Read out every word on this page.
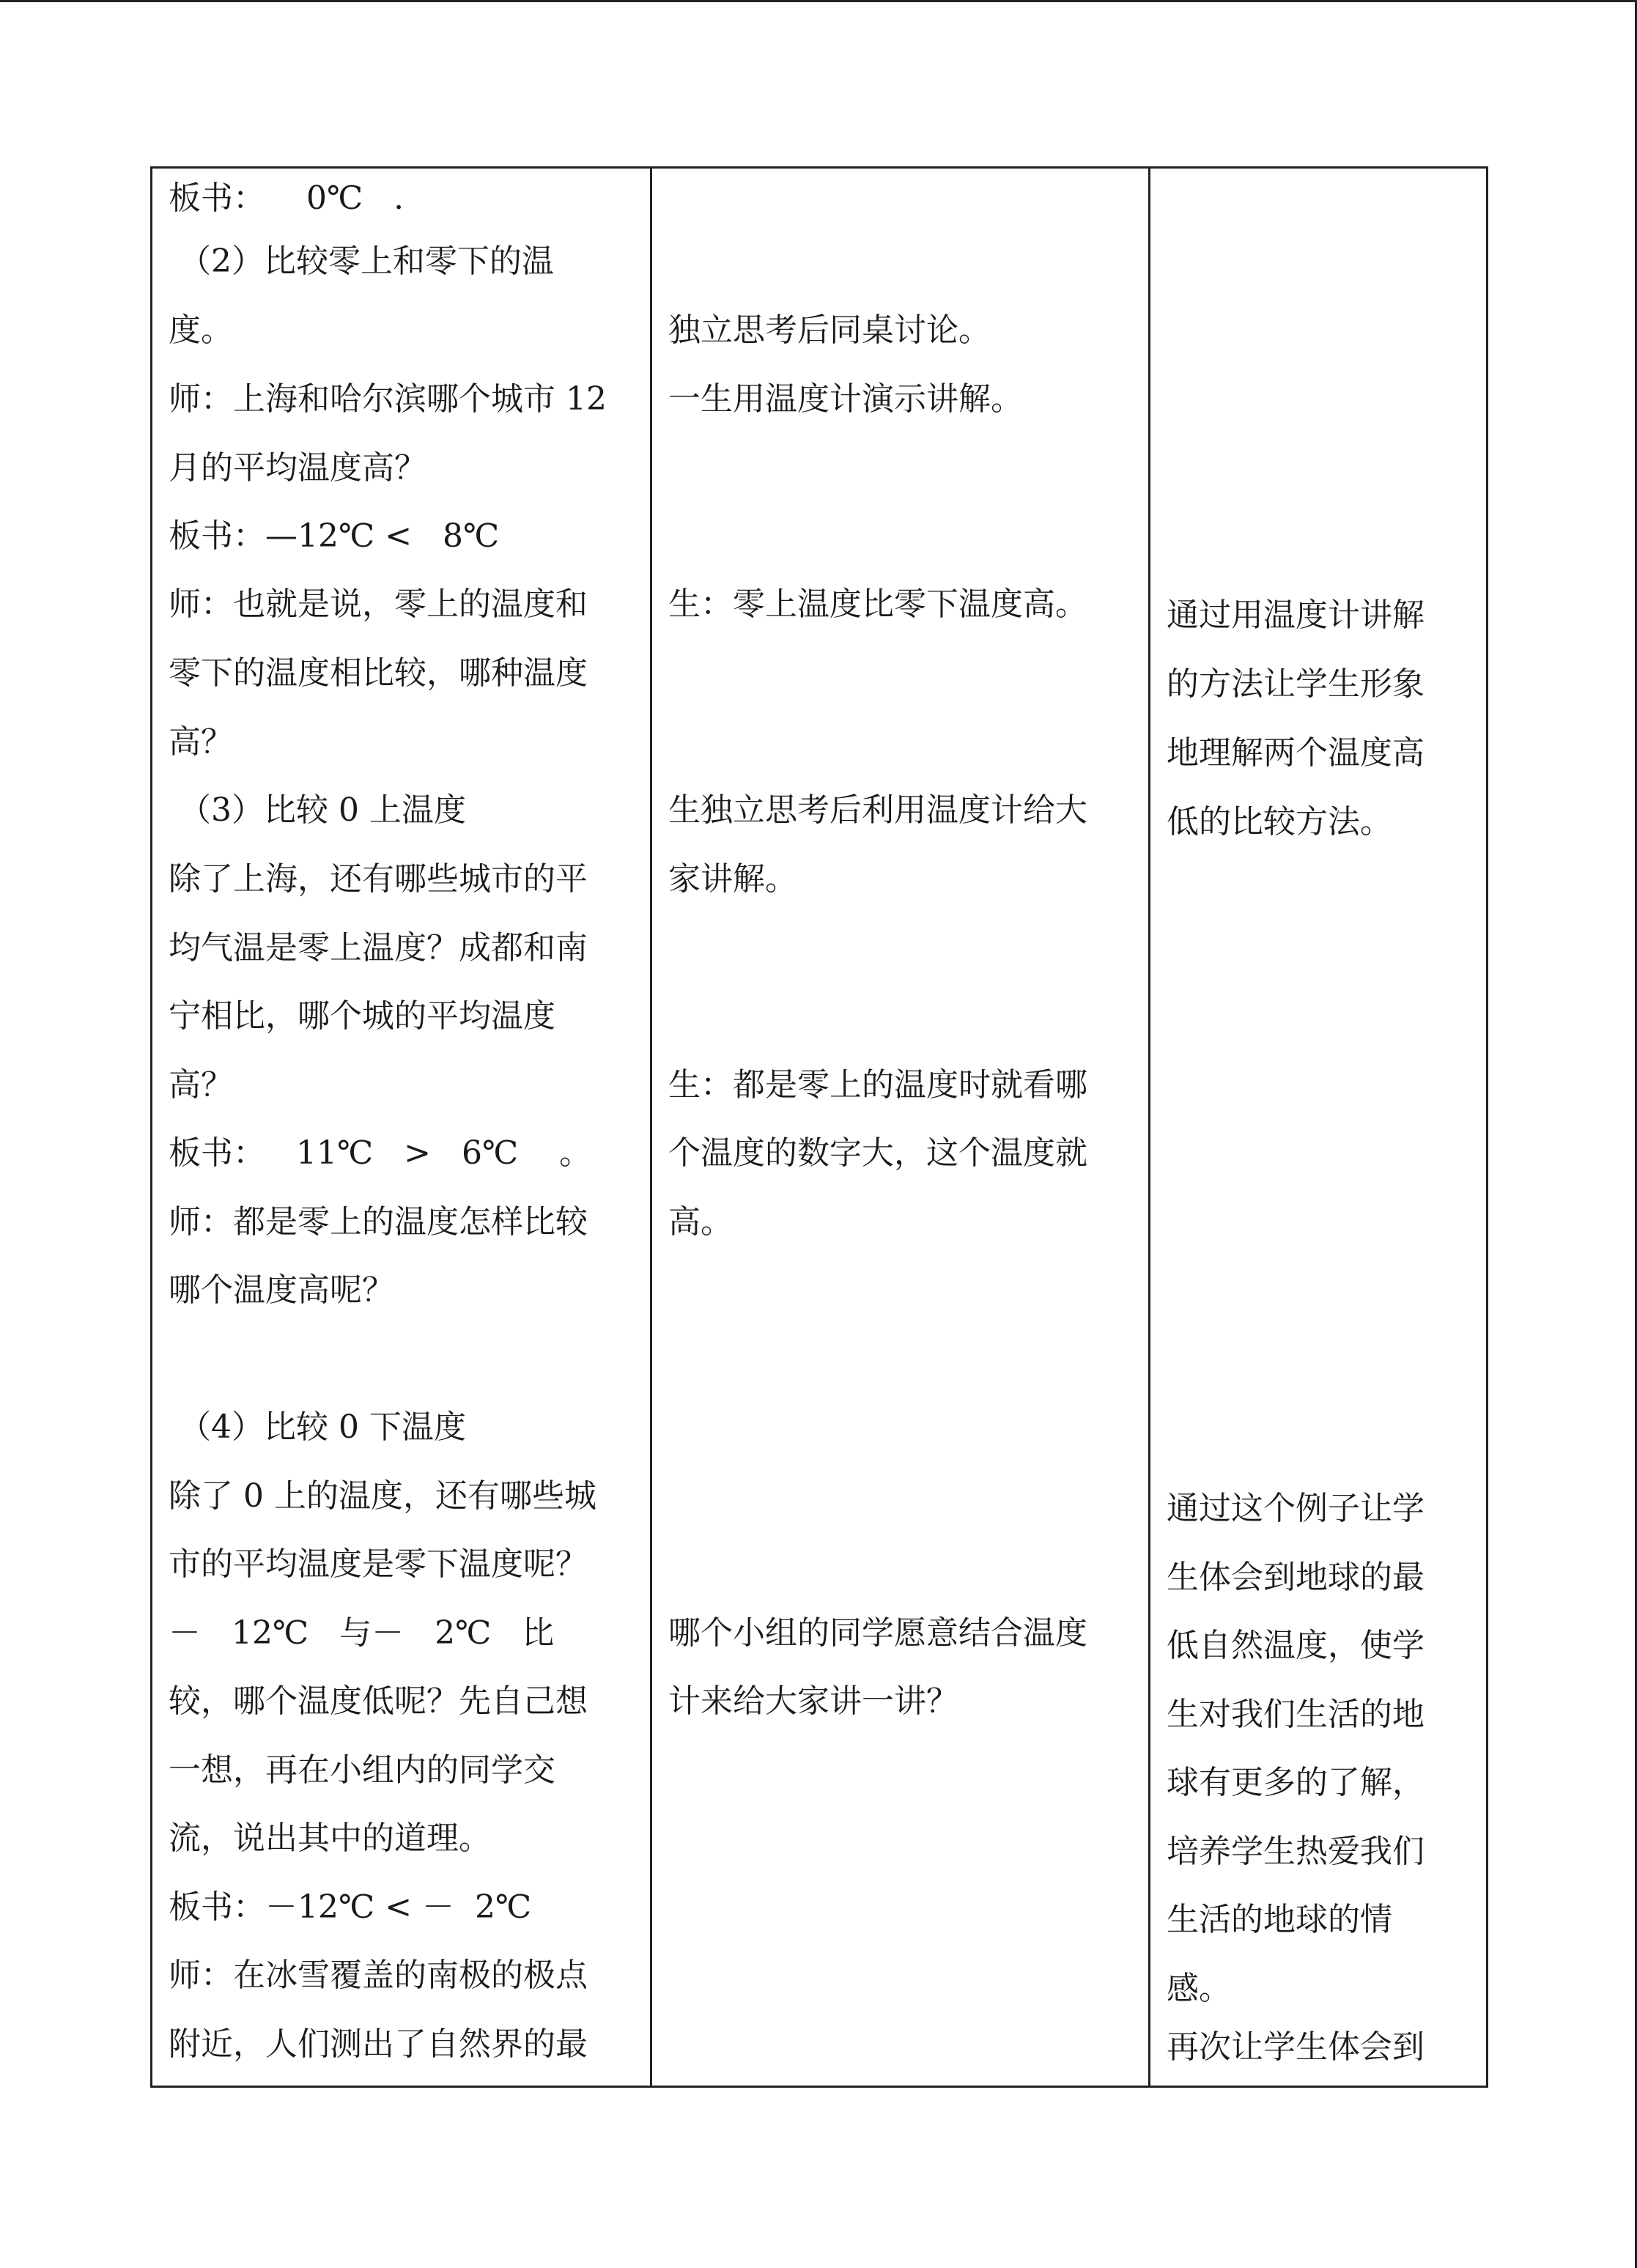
板书：    0℃   .
（2）比较零上和零下的温
度。
师：上海和哈尔滨哪个城市 12
月的平均温度高？
板书：—12℃ <   8℃
师：也就是说，零上的温度和
零下的温度相比较，哪种温度
高？
（3）比较 0 上温度
除了上海，还有哪些城市的平
均气温是零上温度？成都和南
宁相比，哪个城的平均温度
高？
板书：   11℃   >   6℃    。
师：都是零上的温度怎样比较
哪个温度高呢？
（4）比较 0 下温度
除了 0 上的温度，还有哪些城
市的平均温度是零下温度呢？
－   12℃   与－   2℃   比
较，哪个温度低呢？先自己想
一想，再在小组内的同学交
流，说出其中的道理。
板书：－12℃ < －  2℃
师：在冰雪覆盖的南极的极点
附近，人们测出了自然界的最
独立思考后同桌讨论。
一生用温度计演示讲解。
生：零上温度比零下温度高。
生独立思考后利用温度计给大
家讲解。
生：都是零上的温度时就看哪
个温度的数字大，这个温度就
高。
哪个小组的同学愿意结合温度
计来给大家讲一讲？
通过用温度计讲解
的方法让学生形象
地理解两个温度高
低的比较方法。
通过这个例子让学
生体会到地球的最
低自然温度，使学
生对我们生活的地
球有更多的了解，
培养学生热爱我们
生活的地球的情
感。
再次让学生体会到
